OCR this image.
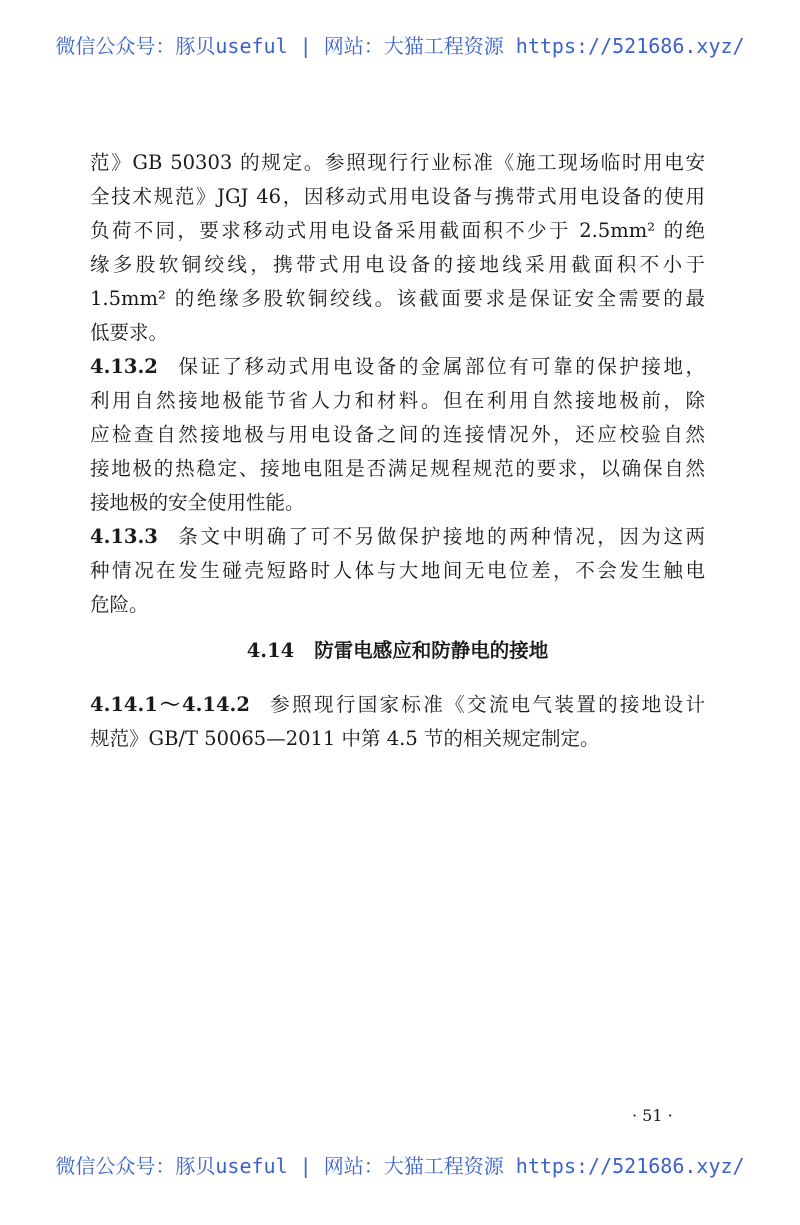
微信公众号：豚贝useful | 网站：大猫工程资源 https://521686.xyz/
范》GB 50303 的规定。参照现行行业标准《施工现场临时用电安
全技术规范》JGJ 46，因移动式用电设备与携带式用电设备的使用
负荷不同，要求移动式用电设备采用截面积不少于 2.5mm² 的绝
缘多股软铜绞线，携带式用电设备的接地线采用截面积不小于
1.5mm² 的绝缘多股软铜绞线。该截面要求是保证安全需要的最
低要求。
4.13.2 保证了移动式用电设备的金属部位有可靠的保护接地，
利用自然接地极能节省人力和材料。但在利用自然接地极前，除
应检查自然接地极与用电设备之间的连接情况外，还应校验自然
接地极的热稳定、接地电阻是否满足规程规范的要求，以确保自然
接地极的安全使用性能。
4.13.3 条文中明确了可不另做保护接地的两种情况，因为这两
种情况在发生碰壳短路时人体与大地间无电位差，不会发生触电
危险。
4.14 防雷电感应和防静电的接地
4.14.1～4.14.2 参照现行国家标准《交流电气装置的接地设计
规范》GB/T 50065—2011 中第 4.5 节的相关规定制定。
· 51 ·
微信公众号：豚贝useful | 网站：大猫工程资源 https://521686.xyz/
